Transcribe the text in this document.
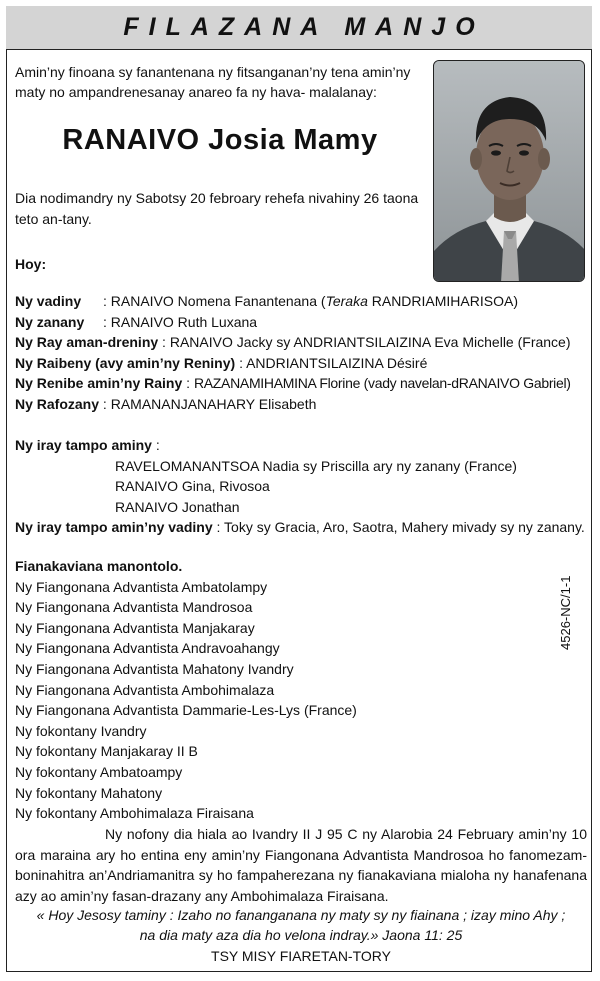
FILAZANA MANJO
Amin’ny finoana sy fanantenana ny fitsanganan’ny tena amin’ny maty no ampandrenesanay anareo fa ny hava- malalanay:
RANAIVO Josia Mamy
Dia nodimandry ny Sabotsy 20 febroary rehefa nivahiny 26 taona teto an-tany.
Hoy:
Ny vadiny : RANAIVO Nomena Fanantenana (Teraka RANDRIAMIHARISOA)
Ny zanany : RANAIVO Ruth Luxana
Ny Ray aman-dreniny : RANAIVO Jacky sy ANDRIANTSILAIZINA Eva Michelle (France)
Ny Raibeny (avy amin’ny Reniny) : ANDRIANTSILAIZINA Désiré
Ny Renibe amin’ny Rainy : RAZANAMIHAMINA Florine (vady navelan-dRANAIVO Gabriel)
Ny Rafozany : RAMANANJANAHARY Elisabeth
Ny iray tampo aminy :
RAVELOMANANTSOA Nadia sy Priscilla ary ny zanany (France)
RANAIVO Gina, Rivosoa
RANAIVO Jonathan
Ny iray tampo amin’ny vadiny : Toky sy Gracia, Aro, Saotra, Mahery mivady sy ny zanany.
Fianakaviana manontolo.
Ny Fiangonana Advantista Ambatolampy
Ny Fiangonana Advantista Mandrosoa
Ny Fiangonana Advantista Manjakaray
Ny Fiangonana Advantista Andravoahangy
Ny Fiangonana Advantista Mahatony Ivandry
Ny Fiangonana Advantista Ambohimalaza
Ny Fiangonana Advantista Dammarie-Les-Lys (France)
Ny fokontany Ivandry
Ny fokontany Manjakaray II B
Ny fokontany Ambatoampy
Ny fokontany Mahatony
Ny fokontany Ambohimalaza Firaisana
Ny nofony dia hiala ao Ivandry II J 95 C ny Alarobia 24 February amin’ny 10 ora maraina ary ho entina eny amin’ny Fiangonana Advantista Mandrosoa ho fanomezam-boninahitra an’Andriamanitra sy ho fampaherezana ny fianakaviana mialoha ny hanafenana azy ao amin’ny fasan-drazany any Ambohimalaza Firaisana.
« Hoy Jesosy taminy : Izaho no fananganana ny maty sy ny fiainana ; izay mino Ahy ;
na dia maty aza dia ho velona indray.» Jaona 11: 25
TSY MISY FIARETAN-TORY
4526-NC/1-1
